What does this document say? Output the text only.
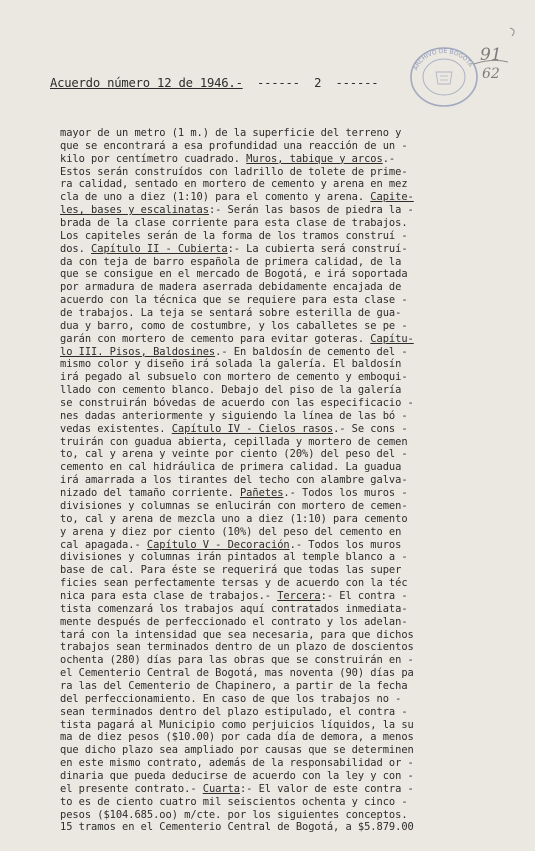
Acuerdo número 12 de 1946.- ------ 2 ------
ARCHIVO DE BOGOTÁ 91
62
mayor de un metro (1 m.) de la superficie del terreno y
que se encontrará a esa profundidad una reacción de un -
kilo por centímetro cuadrado. Muros, tabique y arcos.-
Estos serán construídos con ladrillo de tolete de prime-
ra calidad, sentado en mortero de cemento y arena en mez
cla de uno a diez (1:10) para el comento y arena. Capite-
les, bases y escalinatas:- Serán las basos de piedra la -
brada de la clase corriente para esta clase de trabajos.
Los capiteles serán de la forma de los tramos construí -
dos. Capítulo II - Cubierta:- La cubierta será construí-
da con teja de barro española de primera calidad, de la
que se consigue en el mercado de Bogotá, e irá soportada
por armadura de madera aserrada debidamente encajada de
acuerdo con la técnica que se requiere para esta clase -
de trabajos. La teja se sentará sobre esterilla de gua-
dua y barro, como de costumbre, y los caballetes se pe -
garán con mortero de cemento para evitar goteras. Capítu-
lo III. Pisos, Baldosines.- En baldosín de cemento del -
mismo color y diseño irá solada la galería. El baldosín
irá pegado al subsuelo con mortero de cemento y emboqui-
llado con cemento blanco. Debajo del piso de la galería
se construirán bóvedas de acuerdo con las especificacio -
nes dadas anteriormente y siguiendo la línea de las bó -
vedas existentes. Capítulo IV - Cielos rasos.- Se cons -
truirán con guadua abierta, cepillada y mortero de cemen
to, cal y arena y veinte por ciento (20%) del peso del -
cemento en cal hidráulica de primera calidad. La guadua
irá amarrada a los tirantes del techo con alambre galva-
nizado del tamaño corriente. Pañetes.- Todos los muros -
divisiones y columnas se enlucirán con mortero de cemen-
to, cal y arena de mezcla uno a diez (1:10) para cemento
y arena y diez por ciento (10%) del peso del cemento en
cal apagada.- Capítulo V - Decoración.- Todos los muros
divisiones y columnas irán pintados al temple blanco a -
base de cal. Para éste se requerirá que todas las super
ficies sean perfectamente tersas y de acuerdo con la téc
nica para esta clase de trabajos.- Tercera:- El contra -
tista comenzará los trabajos aquí contratados inmediata-
mente después de perfeccionado el contrato y los adelan-
tará con la intensidad que sea necesaria, para que dichos
trabajos sean terminados dentro de un plazo de doscientos
ochenta (280) días para las obras que se construirán en -
el Cementerio Central de Bogotá, mas noventa (90) días pa
ra las del Cementerio de Chapinero, a partir de la fecha
del perfeccionamiento. En caso de que los trabajos no -
sean terminados dentro del plazo estipulado, el contra -
tista pagará al Municipio como perjuicios líquidos, la su
ma de diez pesos ($10.00) por cada día de demora, a menos
que dicho plazo sea ampliado por causas que se determinen
en este mismo contrato, además de la responsabilidad or -
dinaria que pueda deducirse de acuerdo con la ley y con -
el presente contrato.- Cuarta:- El valor de este contra -
to es de ciento cuatro mil seiscientos ochenta y cinco -
pesos ($104.685.oo) m/cte. por los siguientes conceptos.
15 tramos en el Cementerio Central de Bogotá, a $5.879.00
